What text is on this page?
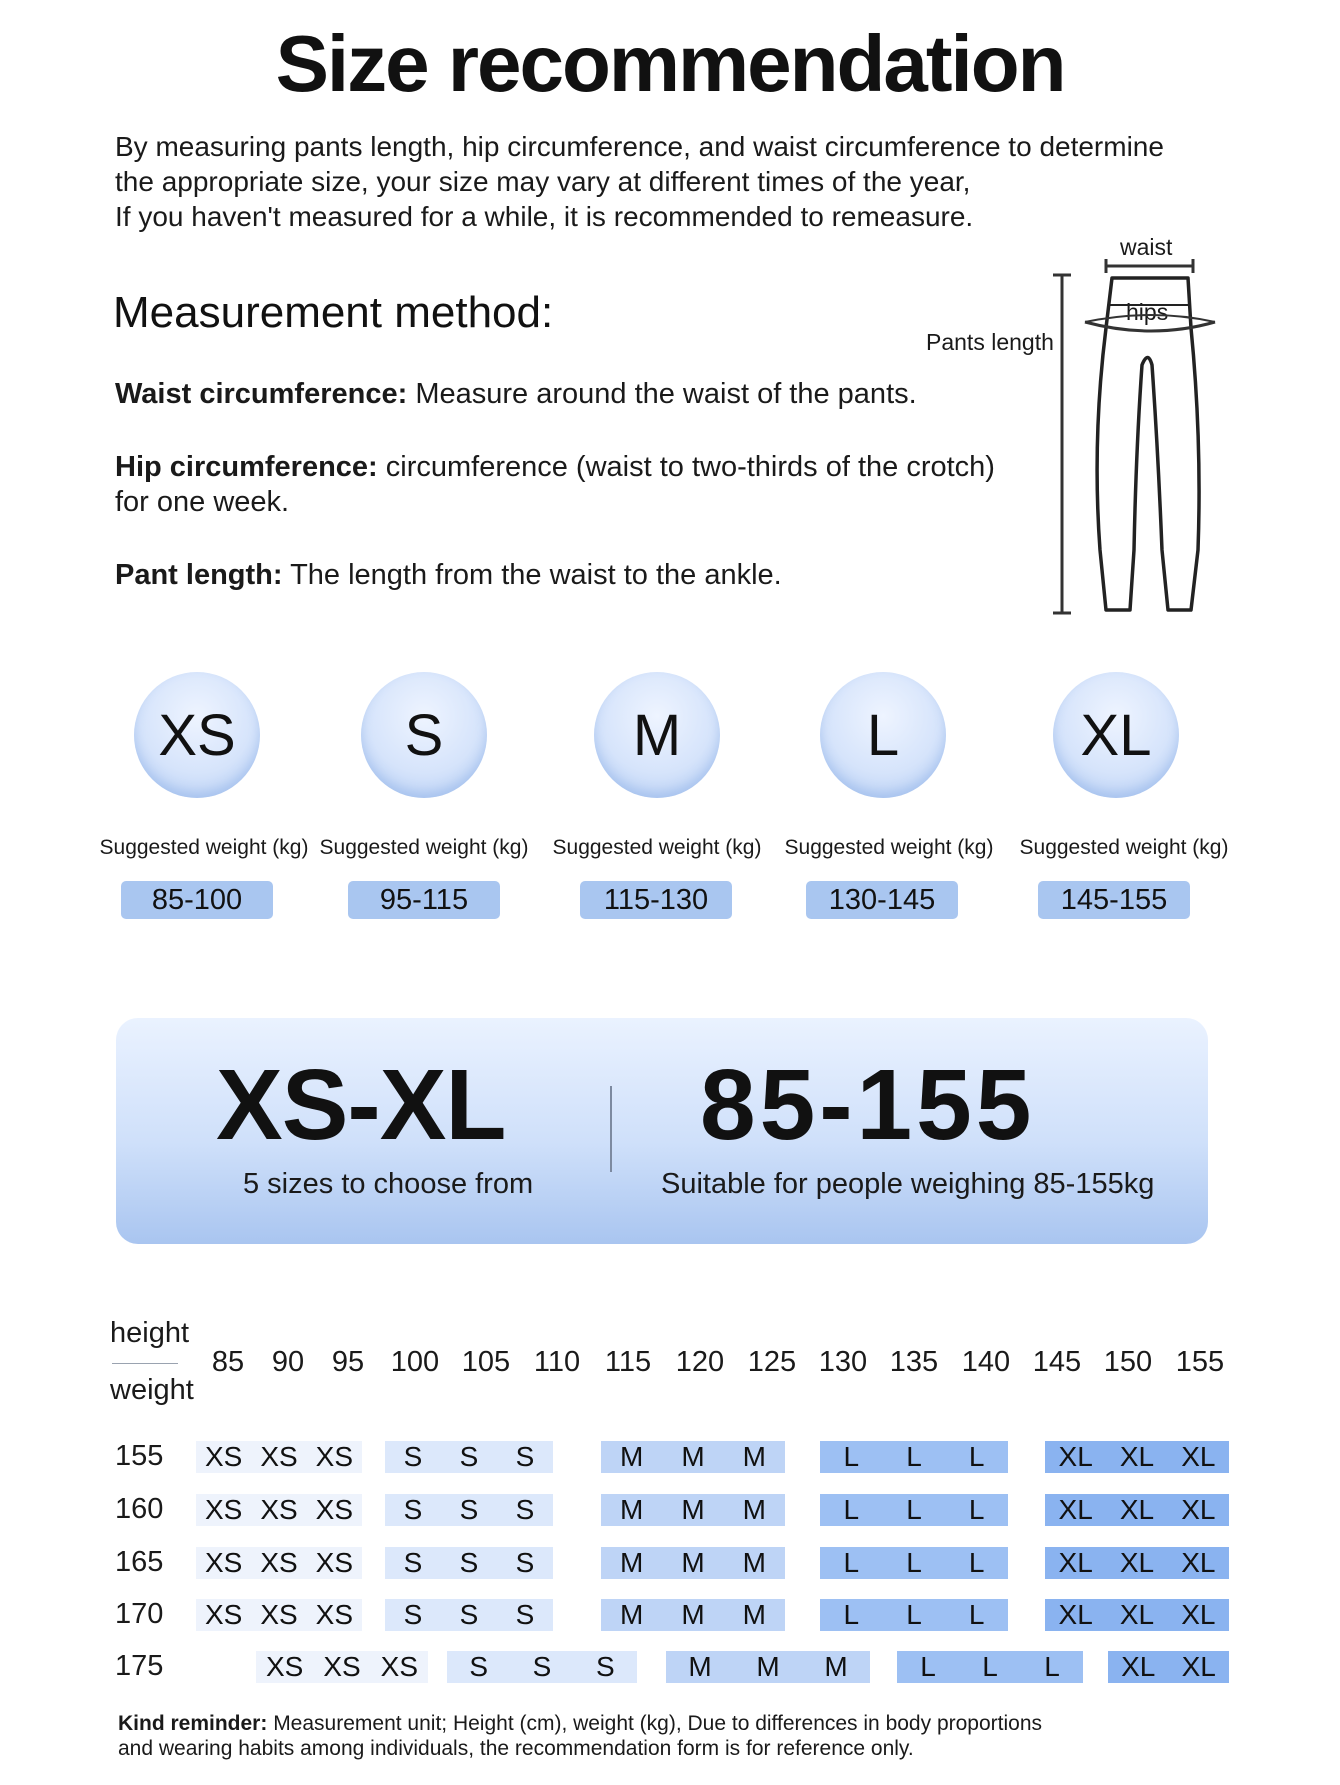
Size recommendation
By measuring pants length, hip circumference, and waist circumference to determine
the appropriate size, your size may vary at different times of the year,
If you haven't measured for a while, it is recommended to remeasure.
Measurement method:
Waist circumference: Measure around the waist of the pants.
Hip circumference: circumference (waist to two-thirds of the crotch)
for one week.
Pant length: The length from the waist to the ankle.
waist
hips
Pants length
XS	S	M	L	XL
Suggested weight (kg) Suggested weight (kg)	Suggested weight (kg)	Suggested weight (kg)	Suggested weight (kg)
85-100	95-115	115-130	130-145	145-155
XS-XL
5 sizes to choose from
85-155
Suitable for people weighing 85-155kg
height
weight
85 90 95 100 105 110 115 120 125 130 135 140 145 150 155
155 XS XS XS S S S	M M M	L L L	XL XL XL
160 XS XS XS S S S	M M M	L L L	XL XL XL
165 XS XS XS S S S	M M M	L L L	XL XL XL
170 XS XS XS S S S	M M M	L L L	XL XL XL
175	XS XS XS S S S	M M M	L L L XL XL
Kind reminder: Measurement unit; Height (cm), weight (kg), Due to differences in body proportions
and wearing habits among individuals, the recommendation form is for reference only.
